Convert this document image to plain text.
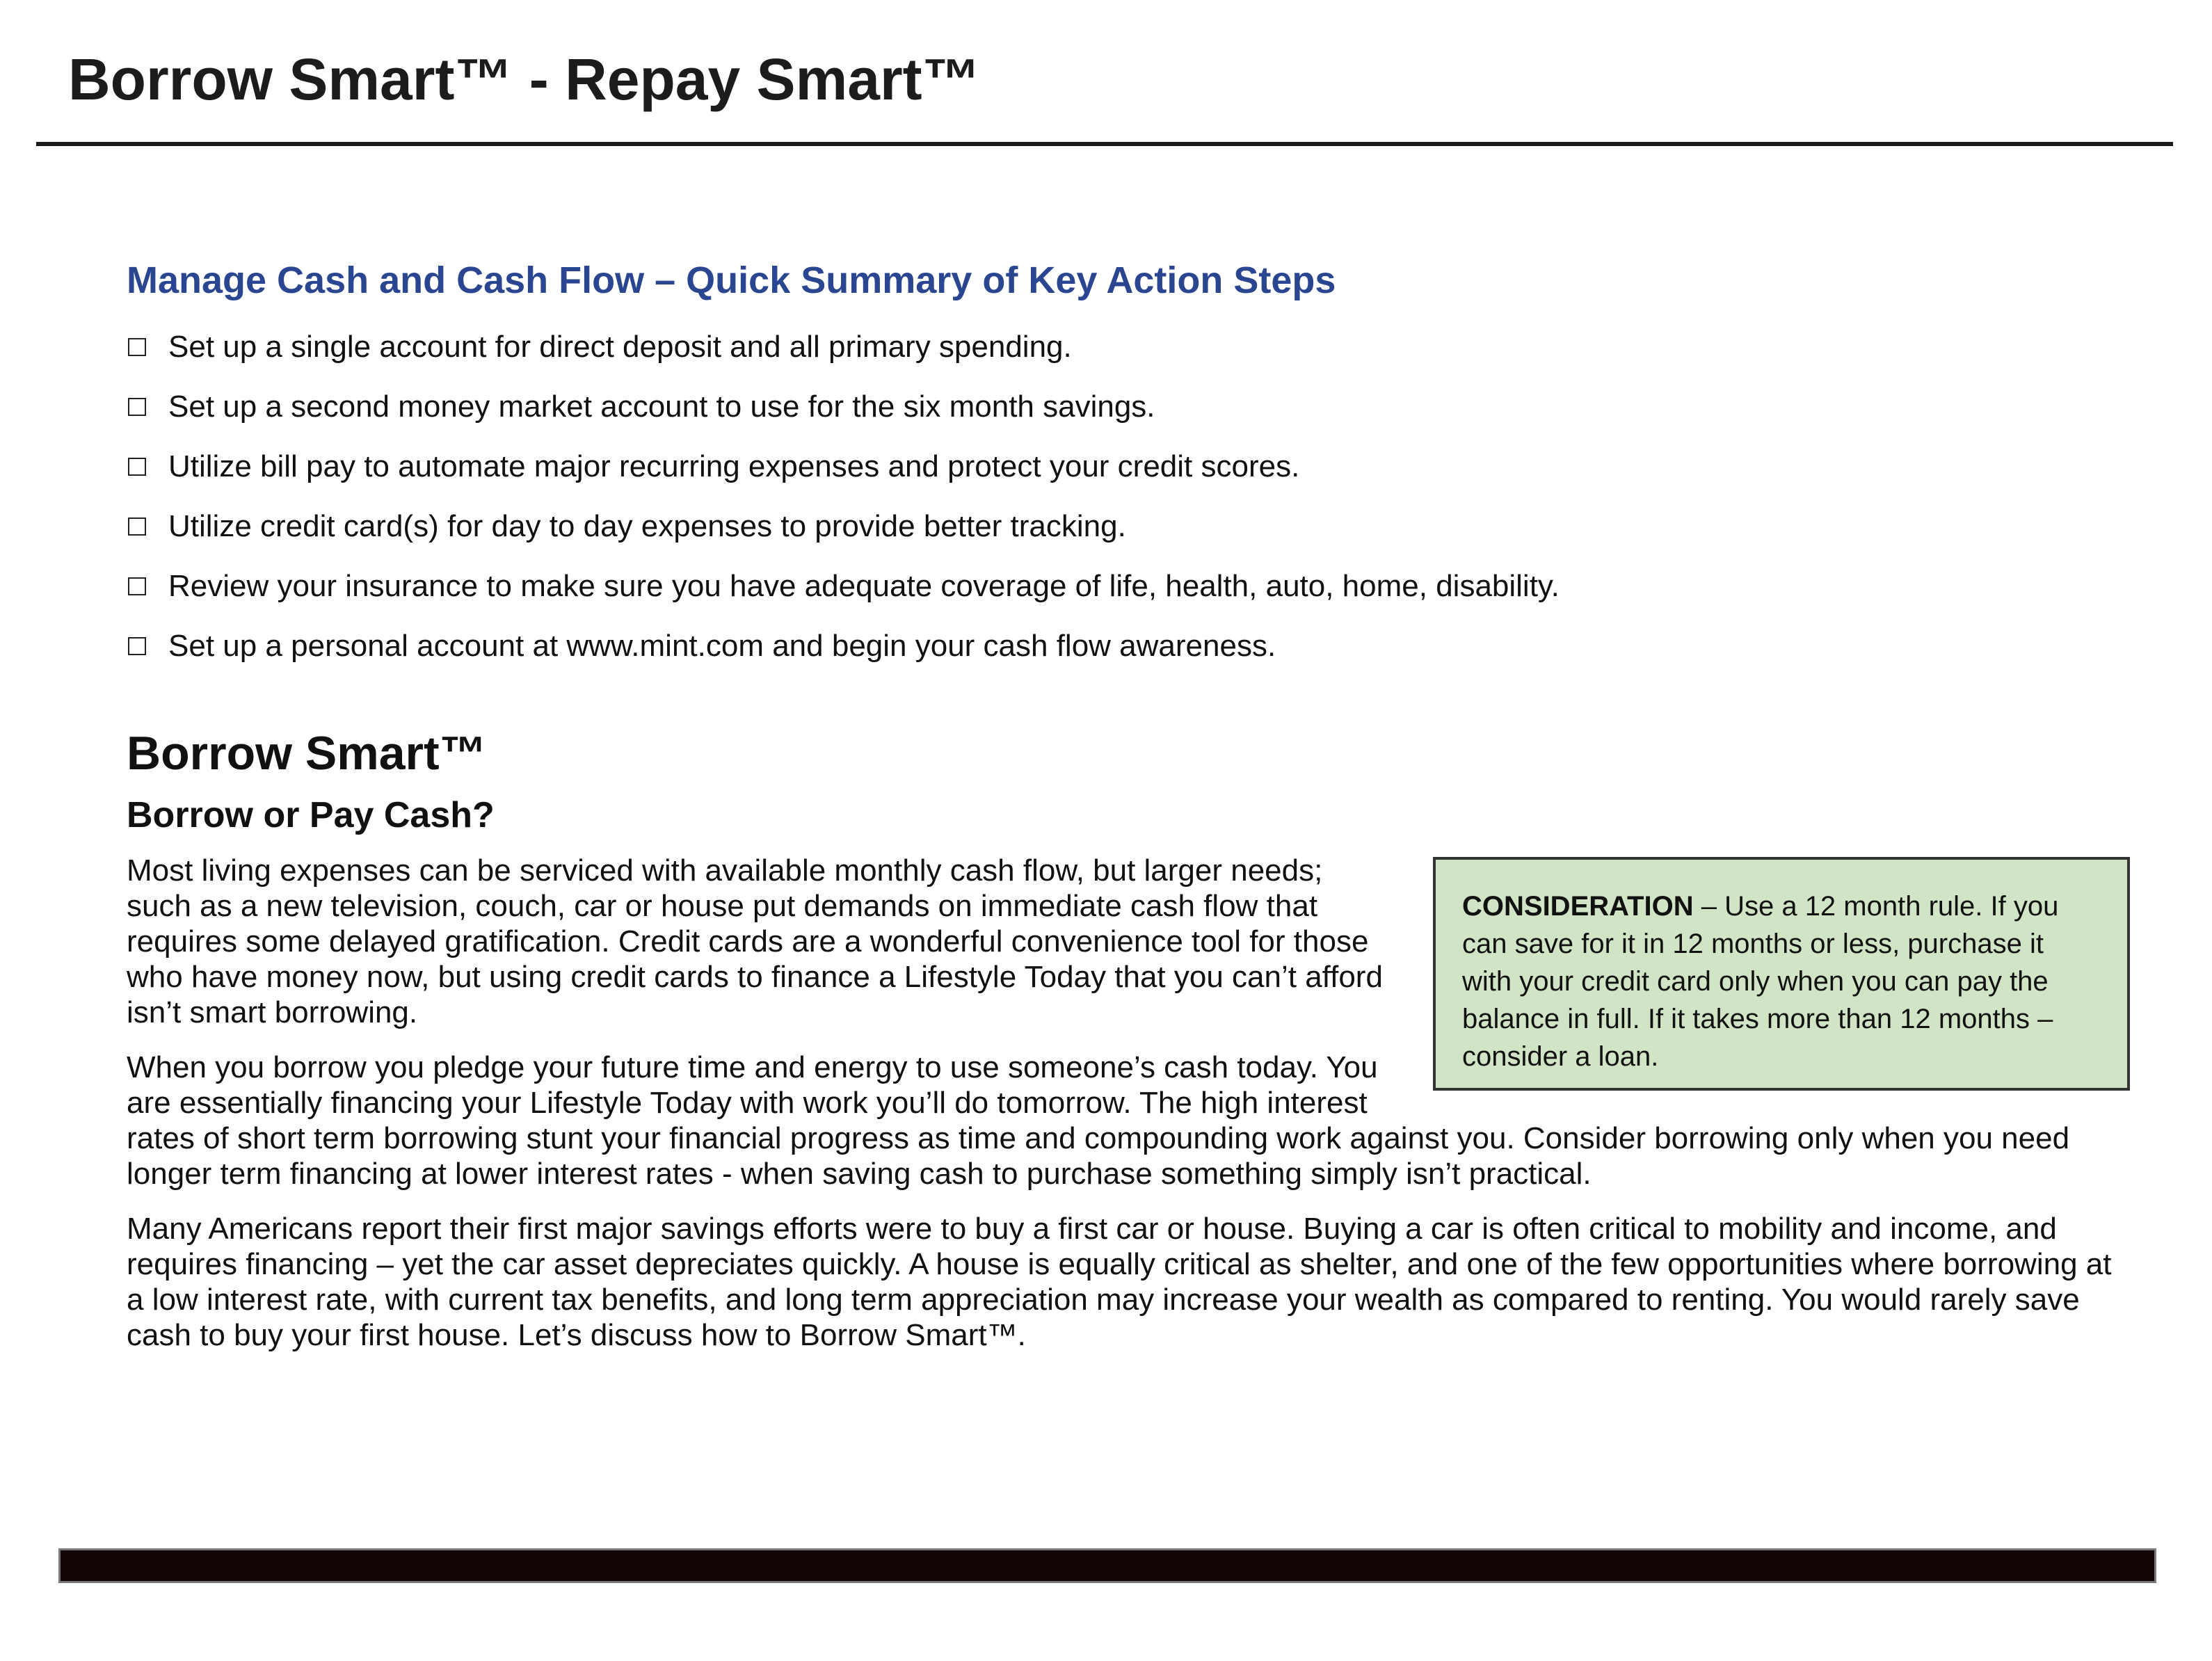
Borrow Smart™ - Repay Smart™
Manage Cash and Cash Flow – Quick Summary of Key Action Steps
Set up a single account for direct deposit and all primary spending.
Set up a second money market account to use for the six month savings.
Utilize bill pay to automate major recurring expenses and protect your credit scores.
Utilize credit card(s) for day to day expenses to provide better tracking.
Review your insurance to make sure you have adequate coverage of life, health, auto, home, disability.
Set up a personal account at www.mint.com and begin your cash flow awareness.
Borrow Smart™
Borrow or Pay Cash?
CONSIDERATION – Use a 12 month rule. If you can save for it in 12 months or less, purchase it with your credit card only when you can pay the balance in full. If it takes more than 12 months – consider a loan.

Most living expenses can be serviced with available monthly cash flow, but larger needs; such as a new television, couch, car or house put demands on immediate cash flow that requires some delayed gratification. Credit cards are a wonderful convenience tool for those who have money now, but using credit cards to finance a Lifestyle Today that you can’t afford isn’t smart borrowing.

When you borrow you pledge your future time and energy to use someone’s cash today. You are essentially financing your Lifestyle Today with work you’ll do tomorrow. The high interest rates of short term borrowing stunt your financial progress as time and compounding work against you. Consider borrowing only when you need longer term financing at lower interest rates - when saving cash to purchase something simply isn’t practical.

Many Americans report their first major savings efforts were to buy a first car or house. Buying a car is often critical to mobility and income, and requires financing – yet the car asset depreciates quickly. A house is equally critical as shelter, and one of the few opportunities where borrowing at a low interest rate, with current tax benefits, and long term appreciation may increase your wealth as compared to renting. You would rarely save cash to buy your first house. Let’s discuss how to Borrow Smart™.
